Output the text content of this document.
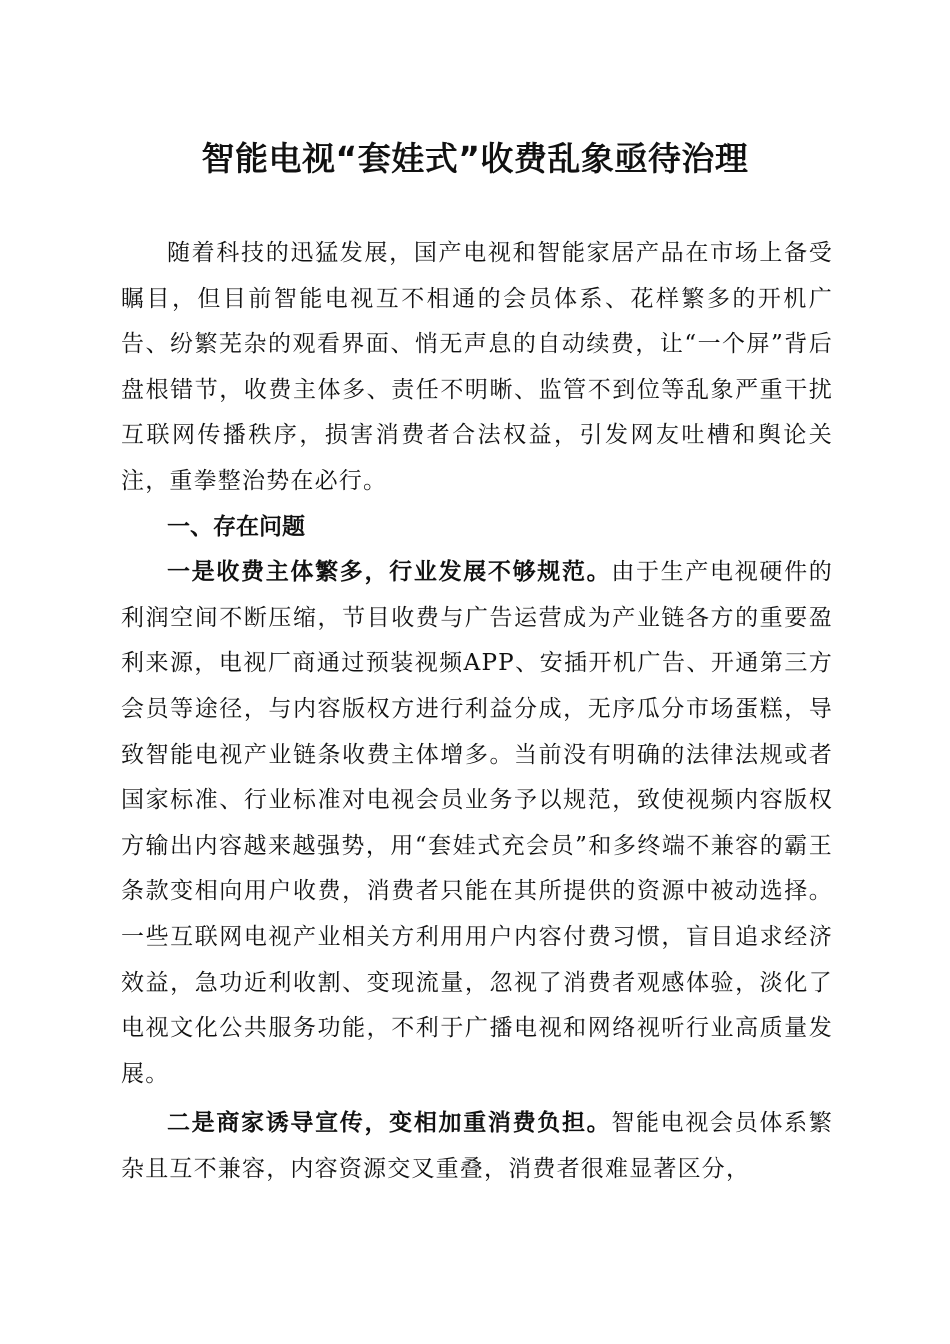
智能电视“套娃式”收费乱象亟待治理

随着科技的迅猛发展，国产电视和智能家居产品在市场上备受瞩目，但目前智能电视互不相通的会员体系、花样繁多的开机广告、纷繁芜杂的观看界面、悄无声息的自动续费，让“一个屏”背后盘根错节，收费主体多、责任不明晰、监管不到位等乱象严重干扰互联网传播秩序，损害消费者合法权益，引发网友吐槽和舆论关注，重拳整治势在必行。

一、存在问题

一是收费主体繁多，行业发展不够规范。由于生产电视硬件的利润空间不断压缩，节目收费与广告运营成为产业链各方的重要盈利来源，电视厂商通过预装视频APP、安插开机广告、开通第三方会员等途径，与内容版权方进行利益分成，无序瓜分市场蛋糕，导致智能电视产业链条收费主体增多。当前没有明确的法律法规或者国家标准、行业标准对电视会员业务予以规范，致使视频内容版权方输出内容越来越强势，用“套娃式充会员”和多终端不兼容的霸王条款变相向用户收费，消费者只能在其所提供的资源中被动选择。一些互联网电视产业相关方利用用户内容付费习惯，盲目追求经济效益，急功近利收割、变现流量，忽视了消费者观感体验，淡化了电视文化公共服务功能，不利于广播电视和网络视听行业高质量发展。

二是商家诱导宣传，变相加重消费负担。智能电视会员体系繁杂且互不兼容，内容资源交叉重叠，消费者很难显著区分，
